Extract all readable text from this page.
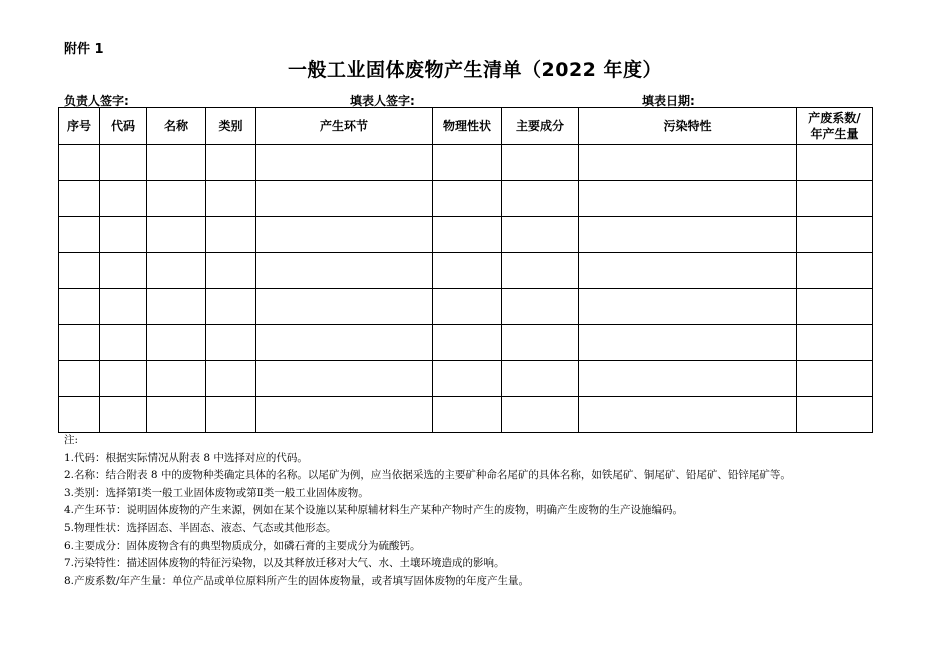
附件 1
一般工业固体废物产生清单（2022 年度）
负责人签字:	填表人签字:	填表日期:
序号	代码	名称	类别	产生环节	物理性状	主要成分	污染特性	产废系数/
年产生量

注:
1.代码：根据实际情况从附表 8 中选择对应的代码。
2.名称：结合附表 8 中的废物种类确定具体的名称。以尾矿为例，应当依据采选的主要矿种命名尾矿的具体名称，如铁尾矿、铜尾矿、铅尾矿、铅锌尾矿等。
3.类别：选择第Ⅰ类一般工业固体废物或第Ⅱ类一般工业固体废物。
4.产生环节：说明固体废物的产生来源，例如在某个设施以某种原辅材料生产某种产物时产生的废物，明确产生废物的生产设施编码。
5.物理性状：选择固态、半固态、液态、气态或其他形态。
6.主要成分：固体废物含有的典型物质成分，如磷石膏的主要成分为硫酸钙。
7.污染特性：描述固体废物的特征污染物，以及其释放迁移对大气、水、土壤环境造成的影响。
8.产废系数/年产生量：单位产品或单位原料所产生的固体废物量，或者填写固体废物的年度产生量。
